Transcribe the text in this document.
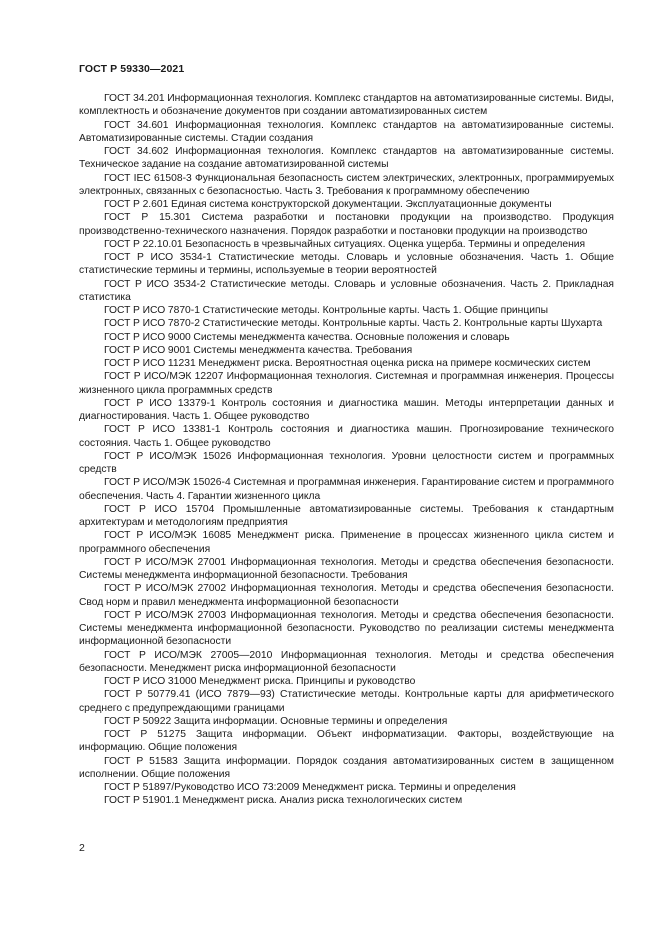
ГОСТ Р 59330—2021

ГОСТ 34.201 Информационная технология. Комплекс стандартов на автоматизированные системы. Виды, комплектность и обозначение документов при создании автоматизированных систем

ГОСТ 34.601 Информационная технология. Комплекс стандартов на автоматизированные системы. Автоматизированные системы. Стадии создания

ГОСТ 34.602 Информационная технология. Комплекс стандартов на автоматизированные системы. Техническое задание на создание автоматизированной системы

ГОСТ IEC 61508-3 Функциональная безопасность систем электрических, электронных, программируемых электронных, связанных с безопасностью. Часть 3. Требования к программному обеспечению

ГОСТ Р 2.601 Единая система конструкторской документации. Эксплуатационные документы

ГОСТ Р 15.301 Система разработки и постановки продукции на производство. Продукция производственно-технического назначения. Порядок разработки и постановки продукции на производство

ГОСТ Р 22.10.01 Безопасность в чрезвычайных ситуациях. Оценка ущерба. Термины и определения

ГОСТ Р ИСО 3534-1 Статистические методы. Словарь и условные обозначения. Часть 1. Общие статистические термины и термины, используемые в теории вероятностей

ГОСТ Р ИСО 3534-2 Статистические методы. Словарь и условные обозначения. Часть 2. Прикладная статистика

ГОСТ Р ИСО 7870-1 Статистические методы. Контрольные карты. Часть 1. Общие принципы

ГОСТ Р ИСО 7870-2 Статистические методы. Контрольные карты. Часть 2. Контрольные карты Шухарта

ГОСТ Р ИСО 9000 Системы менеджмента качества. Основные положения и словарь

ГОСТ Р ИСО 9001 Системы менеджмента качества. Требования

ГОСТ Р ИСО 11231 Менеджмент риска. Вероятностная оценка риска на примере космических систем

ГОСТ Р ИСО/МЭК 12207 Информационная технология. Системная и программная инженерия. Процессы жизненного цикла программных средств

ГОСТ Р ИСО 13379-1 Контроль состояния и диагностика машин. Методы интерпретации данных и диагностирования. Часть 1. Общее руководство

ГОСТ Р ИСО 13381-1 Контроль состояния и диагностика машин. Прогнозирование технического состояния. Часть 1. Общее руководство

ГОСТ Р ИСО/МЭК 15026 Информационная технология. Уровни целостности систем и программных средств

ГОСТ Р ИСО/МЭК 15026-4 Системная и программная инженерия. Гарантирование систем и программного обеспечения. Часть 4. Гарантии жизненного цикла

ГОСТ Р ИСО 15704 Промышленные автоматизированные системы. Требования к стандартным архитектурам и методологиям предприятия

ГОСТ Р ИСО/МЭК 16085 Менеджмент риска. Применение в процессах жизненного цикла систем и программного обеспечения

ГОСТ Р ИСО/МЭК 27001 Информационная технология. Методы и средства обеспечения безопасности. Системы менеджмента информационной безопасности. Требования

ГОСТ Р ИСО/МЭК 27002 Информационная технология. Методы и средства обеспечения безопасности. Свод норм и правил менеджмента информационной безопасности

ГОСТ Р ИСО/МЭК 27003 Информационная технология. Методы и средства обеспечения безопасности. Системы менеджмента информационной безопасности. Руководство по реализации системы менеджмента информационной безопасности

ГОСТ Р ИСО/МЭК 27005—2010 Информационная технология. Методы и средства обеспечения безопасности. Менеджмент риска информационной безопасности

ГОСТ Р ИСО 31000 Менеджмент риска. Принципы и руководство

ГОСТ Р 50779.41 (ИСО 7879—93) Статистические методы. Контрольные карты для арифметического среднего с предупреждающими границами

ГОСТ Р 50922 Защита информации. Основные термины и определения

ГОСТ Р 51275 Защита информации. Объект информатизации. Факторы, воздействующие на информацию. Общие положения

ГОСТ Р 51583 Защита информации. Порядок создания автоматизированных систем в защищенном исполнении. Общие положения

ГОСТ Р 51897/Руководство ИСО 73:2009 Менеджмент риска. Термины и определения

ГОСТ Р 51901.1 Менеджмент риска. Анализ риска технологических систем

2
